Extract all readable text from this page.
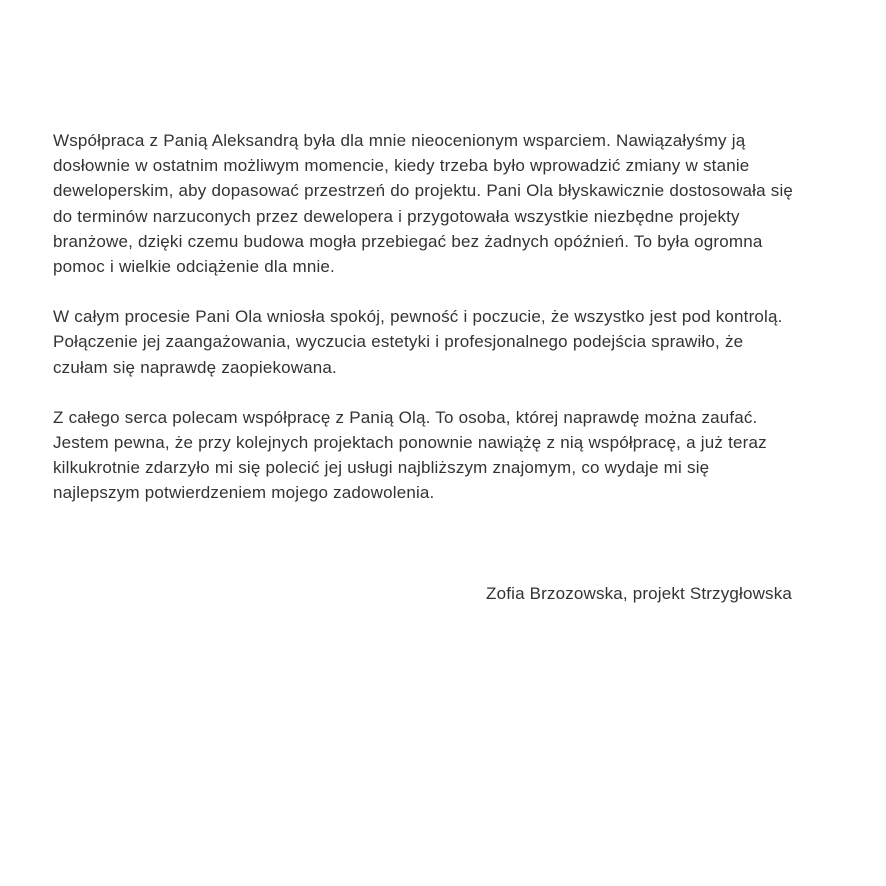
Współpraca z Panią Aleksandrą była dla mnie nieocenionym wsparciem. Nawiązałyśmy ją dosłownie w ostatnim możliwym momencie, kiedy trzeba było wprowadzić zmiany w stanie deweloperskim, aby dopasować przestrzeń do projektu. Pani Ola błyskawicznie dostosowała się do terminów narzuconych przez dewelopera i przygotowała wszystkie niezbędne projekty branżowe, dzięki czemu budowa mogła przebiegać bez żadnych opóźnień. To była ogromna pomoc i wielkie odciążenie dla mnie.

W całym procesie Pani Ola wniosła spokój, pewność i poczucie, że wszystko jest pod kontrolą. Połączenie jej zaangażowania, wyczucia estetyki i profesjonalnego podejścia sprawiło, że czułam się naprawdę zaopiekowana.

Z całego serca polecam współpracę z Panią Olą. To osoba, której naprawdę można zaufać. Jestem pewna, że przy kolejnych projektach ponownie nawiążę z nią współpracę, a już teraz kilkukrotnie zdarzyło mi się polecić jej usługi najbliższym znajomym, co wydaje mi się najlepszym potwierdzeniem mojego zadowolenia.

Zofia Brzozowska, projekt Strzygłowska
